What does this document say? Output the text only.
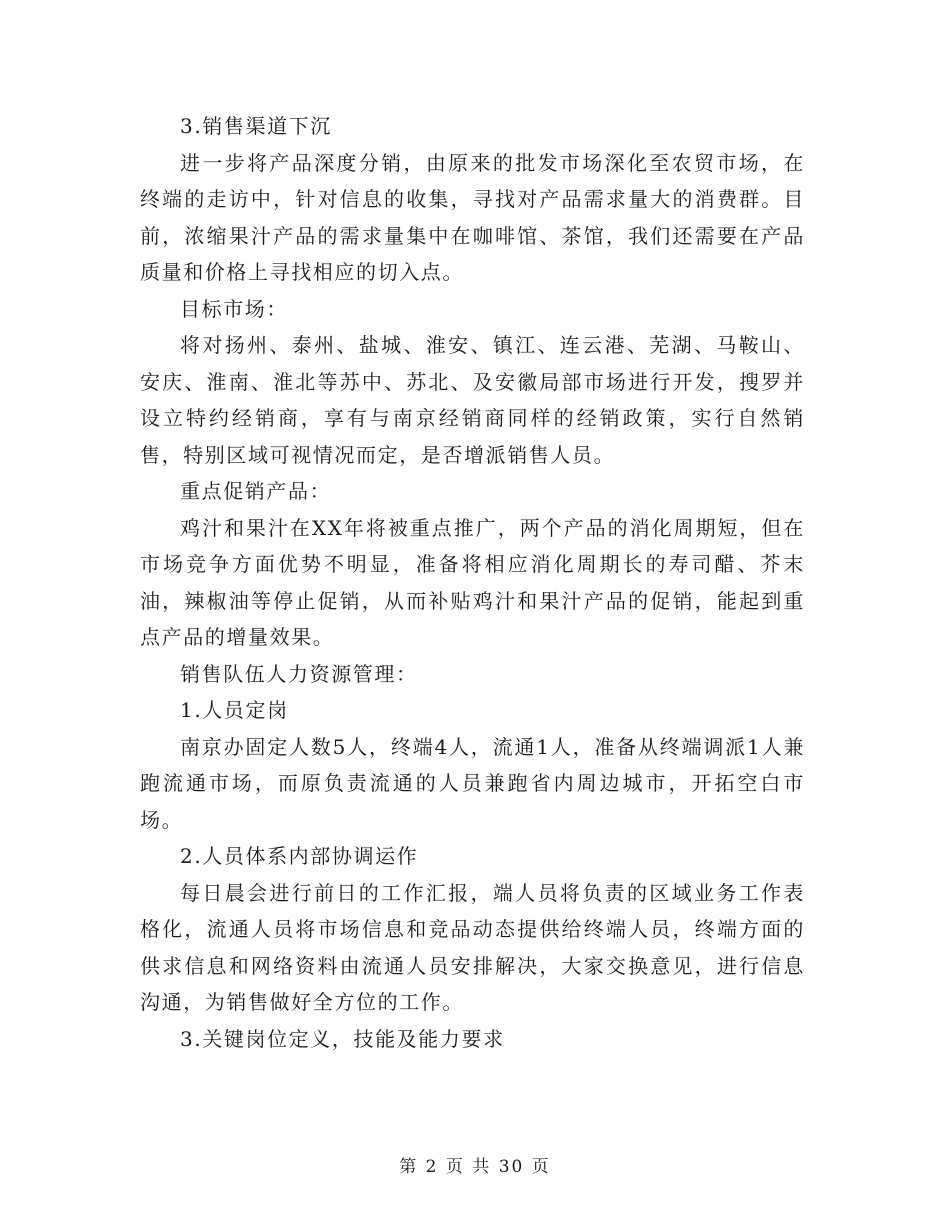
3.销售渠道下沉

进一步将产品深度分销，由原来的批发市场深化至农贸市场，在终端的走访中，针对信息的收集，寻找对产品需求量大的消费群。目前，浓缩果汁产品的需求量集中在咖啡馆、茶馆，我们还需要在产品质量和价格上寻找相应的切入点。

目标市场：

将对扬州、泰州、盐城、淮安、镇江、连云港、芜湖、马鞍山、安庆、淮南、淮北等苏中、苏北、及安徽局部市场进行开发，搜罗并设立特约经销商，享有与南京经销商同样的经销政策，实行自然销售，特别区域可视情况而定，是否增派销售人员。

重点促销产品：

鸡汁和果汁在XX年将被重点推广，两个产品的消化周期短，但在市场竞争方面优势不明显，准备将相应消化周期长的寿司醋、芥末油，辣椒油等停止促销，从而补贴鸡汁和果汁产品的促销，能起到重点产品的增量效果。

销售队伍人力资源管理：

1.人员定岗

南京办固定人数5人，终端4人，流通1人，准备从终端调派1人兼跑流通市场，而原负责流通的人员兼跑省内周边城市，开拓空白市场。

2.人员体系内部协调运作

每日晨会进行前日的工作汇报，端人员将负责的区域业务工作表格化，流通人员将市场信息和竞品动态提供给终端人员，终端方面的供求信息和网络资料由流通人员安排解决，大家交换意见，进行信息沟通，为销售做好全方位的工作。

3.关键岗位定义，技能及能力要求

第 2 页 共 30 页
